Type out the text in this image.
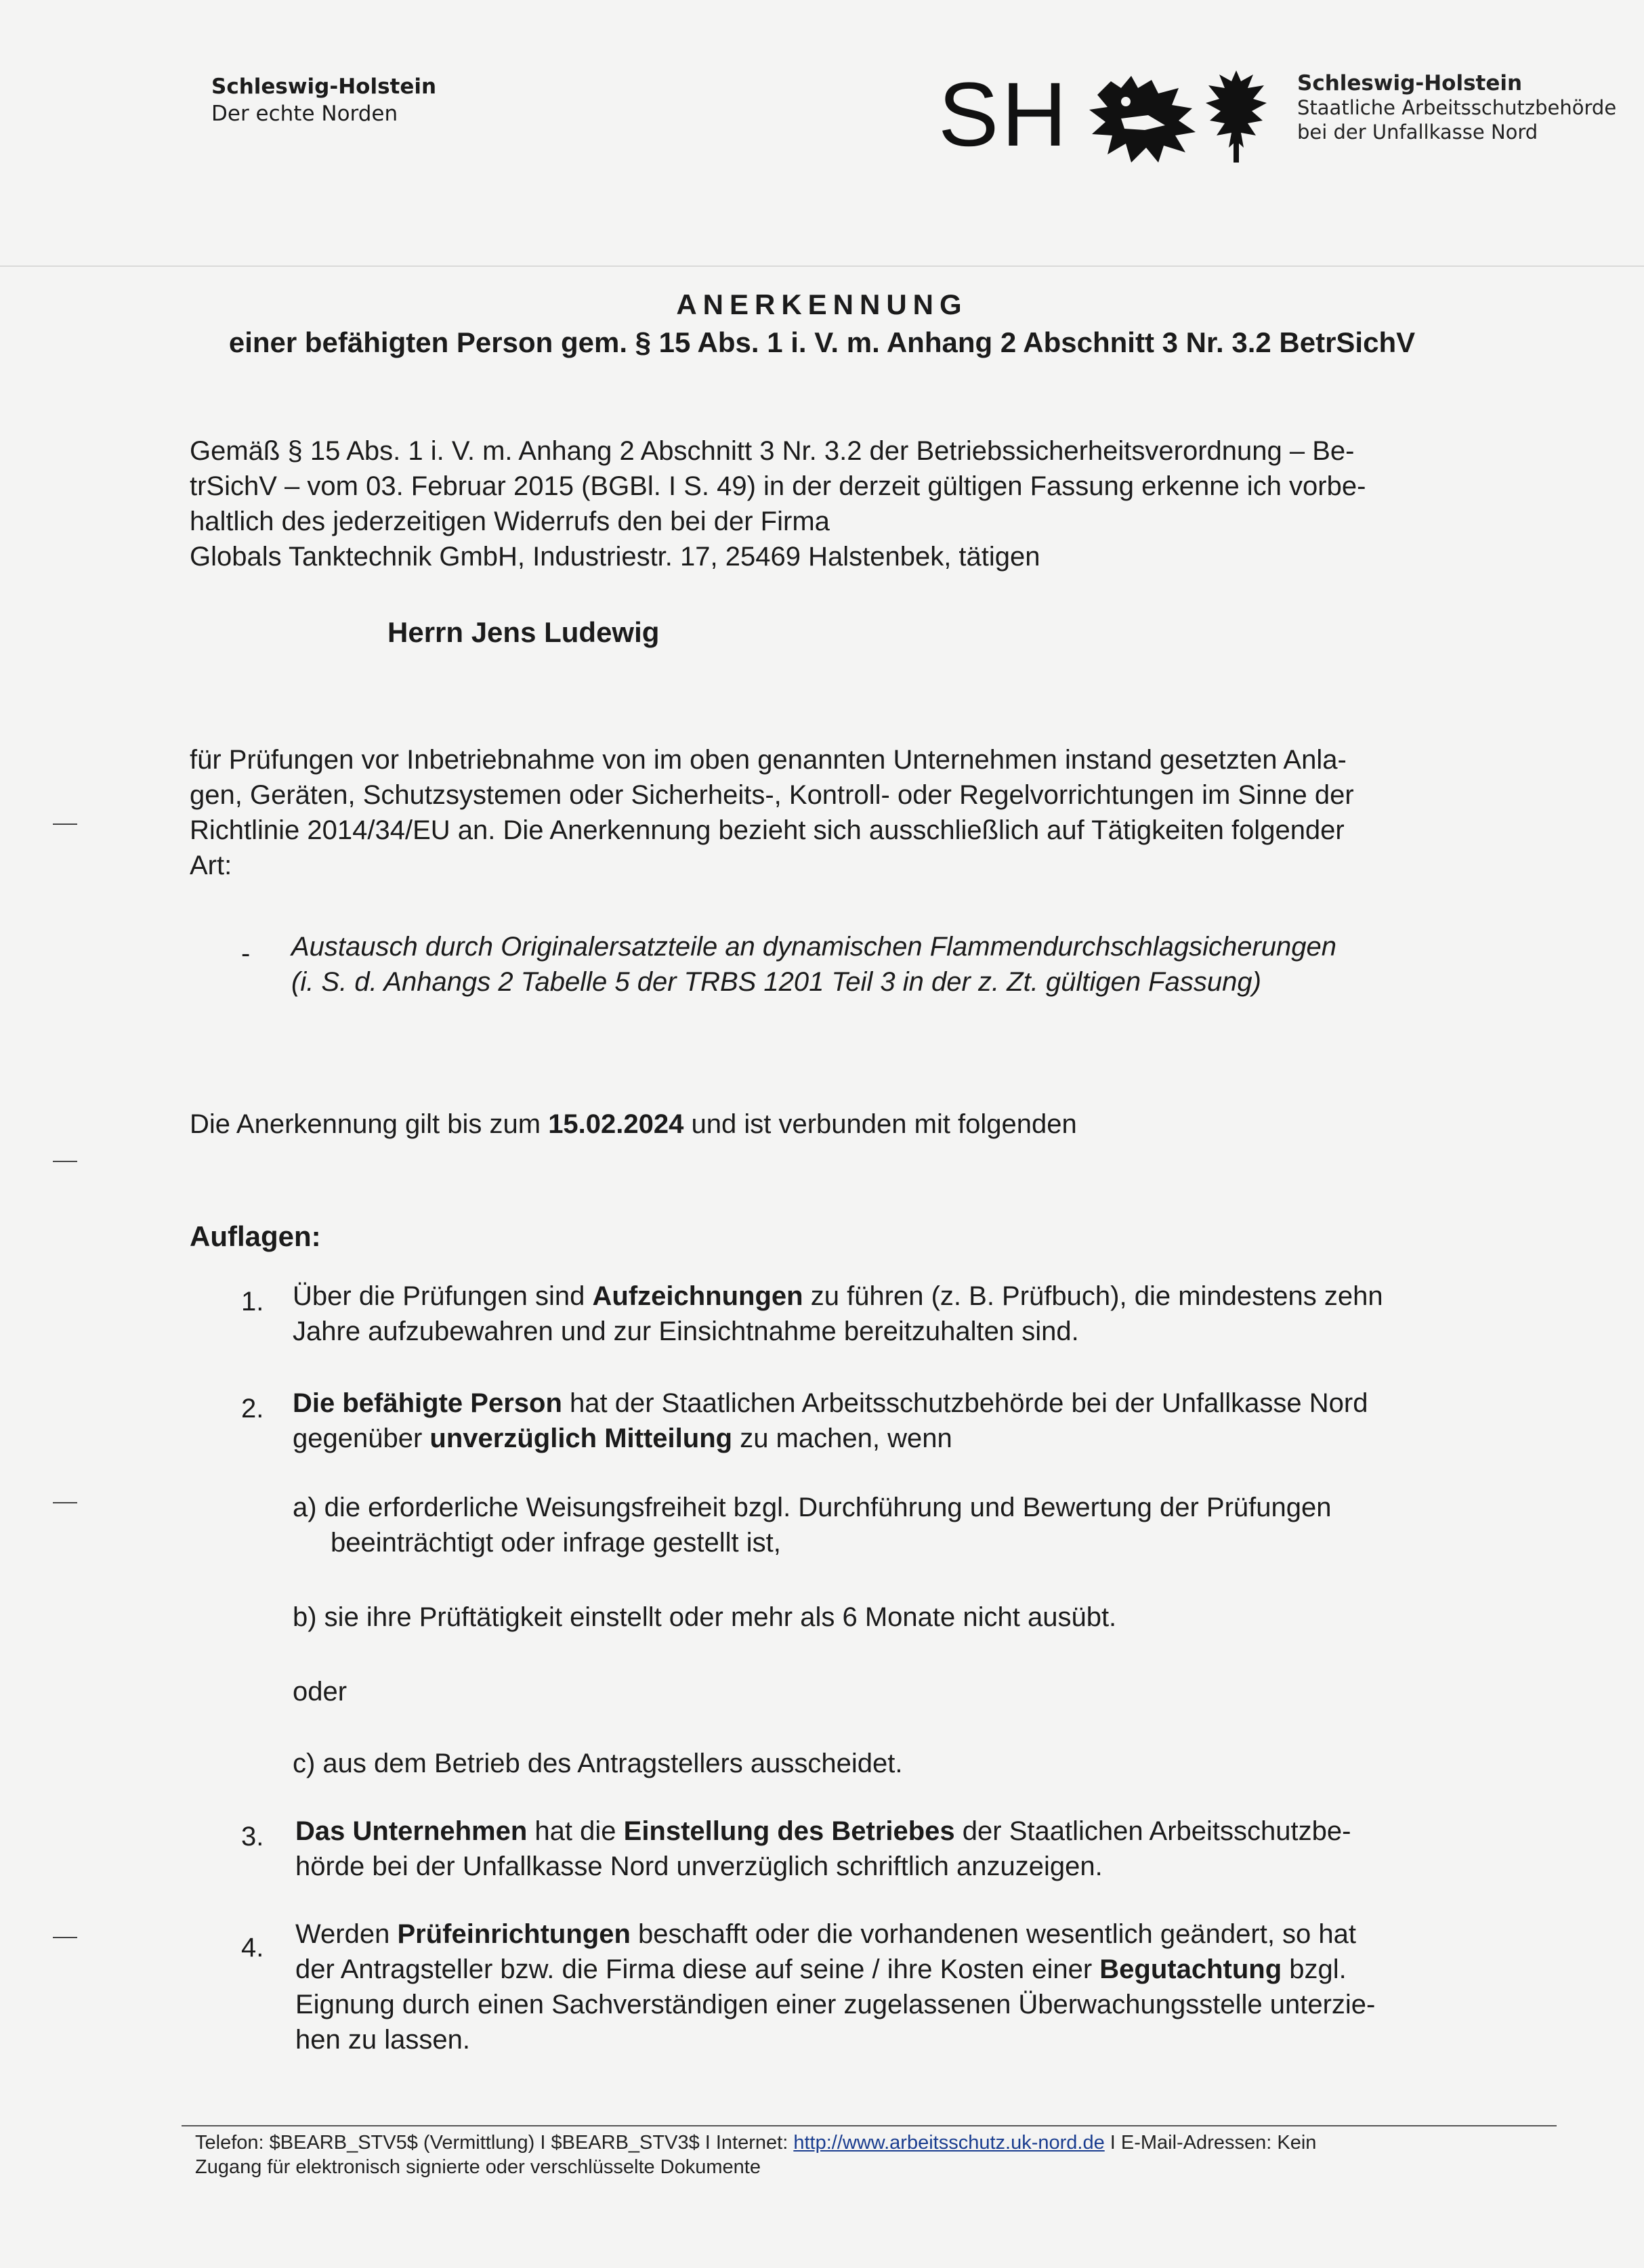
Schleswig-Holstein
Der echte Norden	SH	Schleswig-Holstein
Staatliche Arbeitsschutzbehörde
bei der Unfallkasse Nord
ANERKENNUNG
einer befähigten Person gem. § 15 Abs. 1 i. V. m. Anhang 2 Abschnitt 3 Nr. 3.2 BetrSichV
Gemäß § 15 Abs. 1 i. V. m. Anhang 2 Abschnitt 3 Nr. 3.2 der Betriebssicherheitsverordnung – Be-
trSichV – vom 03. Februar 2015 (BGBl. I S. 49) in der derzeit gültigen Fassung erkenne ich vorbe-
haltlich des jederzeitigen Widerrufs den bei der Firma
Globals Tanktechnik GmbH, Industriestr. 17, 25469 Halstenbek, tätigen
Herrn Jens Ludewig
für Prüfungen vor Inbetriebnahme von im oben genannten Unternehmen instand gesetzten Anla-
gen, Geräten, Schutzsystemen oder Sicherheits-, Kontroll- oder Regelvorrichtungen im Sinne der
Richtlinie 2014/34/EU an. Die Anerkennung bezieht sich ausschließlich auf Tätigkeiten folgender
Art:
- Austausch durch Originalersatzteile an dynamischen Flammendurchschlagsicherungen
(i. S. d. Anhangs 2 Tabelle 5 der TRBS 1201 Teil 3 in der z. Zt. gültigen Fassung)
Die Anerkennung gilt bis zum 15.02.2024 und ist verbunden mit folgenden
Auflagen:
1. Über die Prüfungen sind Aufzeichnungen zu führen (z. B. Prüfbuch), die mindestens zehn
Jahre aufzubewahren und zur Einsichtnahme bereitzuhalten sind.
2. Die befähigte Person hat der Staatlichen Arbeitsschutzbehörde bei der Unfallkasse Nord
gegenüber unverzüglich Mitteilung zu machen, wenn
a) die erforderliche Weisungsfreiheit bzgl. Durchführung und Bewertung der Prüfungen
beeinträchtigt oder infrage gestellt ist,
b) sie ihre Prüftätigkeit einstellt oder mehr als 6 Monate nicht ausübt.
oder
c) aus dem Betrieb des Antragstellers ausscheidet.
3. Das Unternehmen hat die Einstellung des Betriebes der Staatlichen Arbeitsschutzbe-
hörde bei der Unfallkasse Nord unverzüglich schriftlich anzuzeigen.
4. Werden Prüfeinrichtungen beschafft oder die vorhandenen wesentlich geändert, so hat
der Antragsteller bzw. die Firma diese auf seine / ihre Kosten einer Begutachtung bzgl.
Eignung durch einen Sachverständigen einer zugelassenen Überwachungsstelle unterzie-
hen zu lassen.
Telefon: $BEARB_STV5$ (Vermittlung) I $BEARB_STV3$ I Internet: http://www.arbeitsschutz.uk-nord.de I E-Mail-Adressen: Kein
Zugang für elektronisch signierte oder verschlüsselte Dokumente
